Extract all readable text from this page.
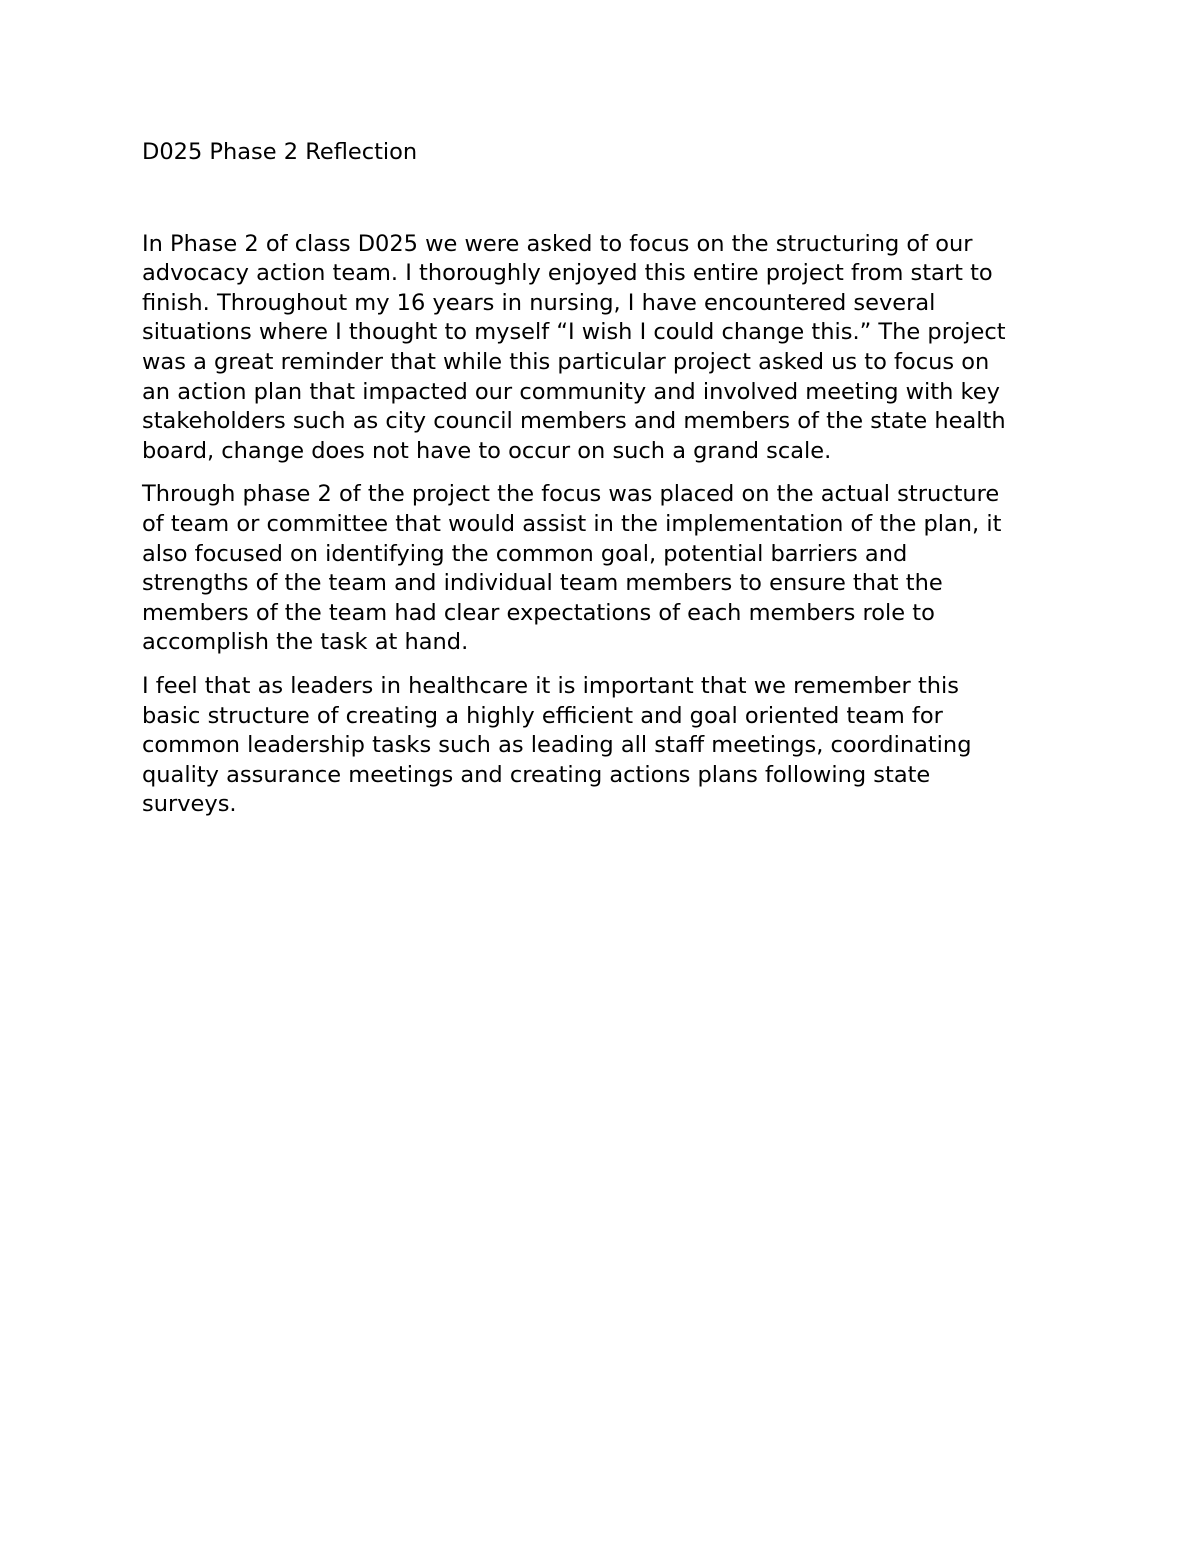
D025 Phase 2 Reflection

In Phase 2 of class D025 we were asked to focus on the structuring of our
advocacy action team. I thoroughly enjoyed this entire project from start to
finish. Throughout my 16 years in nursing, I have encountered several
situations where I thought to myself “I wish I could change this.” The project
was a great reminder that while this particular project asked us to focus on
an action plan that impacted our community and involved meeting with key
stakeholders such as city council members and members of the state health
board, change does not have to occur on such a grand scale.

Through phase 2 of the project the focus was placed on the actual structure
of team or committee that would assist in the implementation of the plan, it
also focused on identifying the common goal, potential barriers and
strengths of the team and individual team members to ensure that the
members of the team had clear expectations of each members role to
accomplish the task at hand.

I feel that as leaders in healthcare it is important that we remember this
basic structure of creating a highly efficient and goal oriented team for
common leadership tasks such as leading all staff meetings, coordinating
quality assurance meetings and creating actions plans following state
surveys.
